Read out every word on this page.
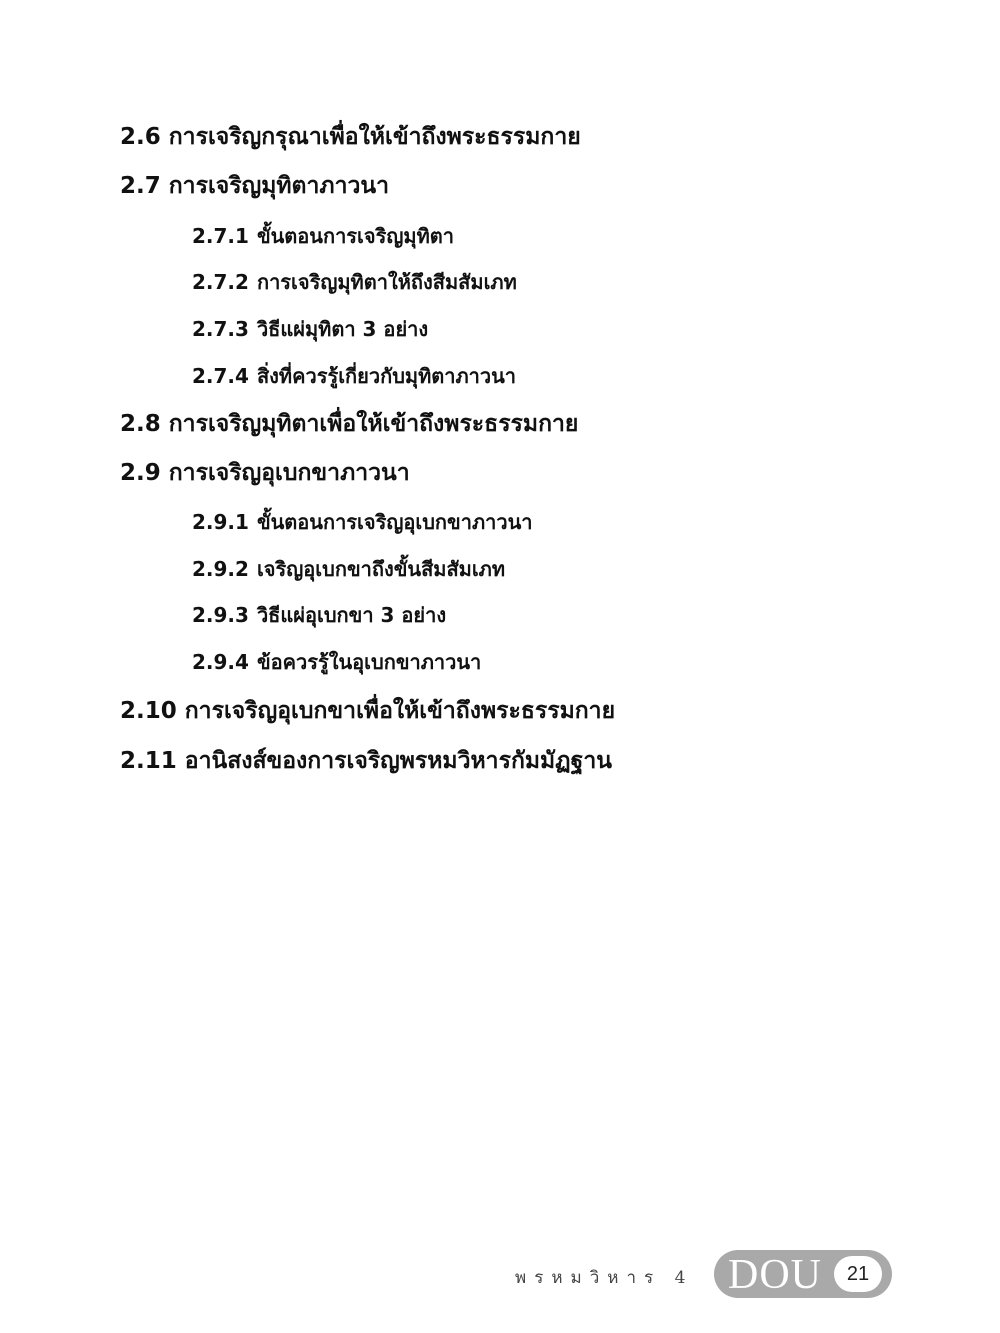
2.6 การเจริญกรุณาเพื่อให้เข้าถึงพระธรรมกาย
2.7 การเจริญมุทิตาภาวนา
2.7.1 ขั้นตอนการเจริญมุทิตา
2.7.2 การเจริญมุทิตาให้ถึงสีมสัมเภท
2.7.3 วิธีแผ่มุทิตา 3 อย่าง
2.7.4 สิ่งที่ควรรู้เกี่ยวกับมุทิตาภาวนา
2.8 การเจริญมุทิตาเพื่อให้เข้าถึงพระธรรมกาย
2.9 การเจริญอุเบกขาภาวนา
2.9.1 ขั้นตอนการเจริญอุเบกขาภาวนา
2.9.2 เจริญอุเบกขาถึงขั้นสีมสัมเภท
2.9.3 วิธีแผ่อุเบกขา 3 อย่าง
2.9.4 ข้อควรรู้ในอุเบกขาภาวนา
2.10 การเจริญอุเบกขาเพื่อให้เข้าถึงพระธรรมกาย
2.11 อานิสงส์ของการเจริญพรหมวิหารกัมมัฏฐาน
พรหมวิหาร 4 DOU	21
